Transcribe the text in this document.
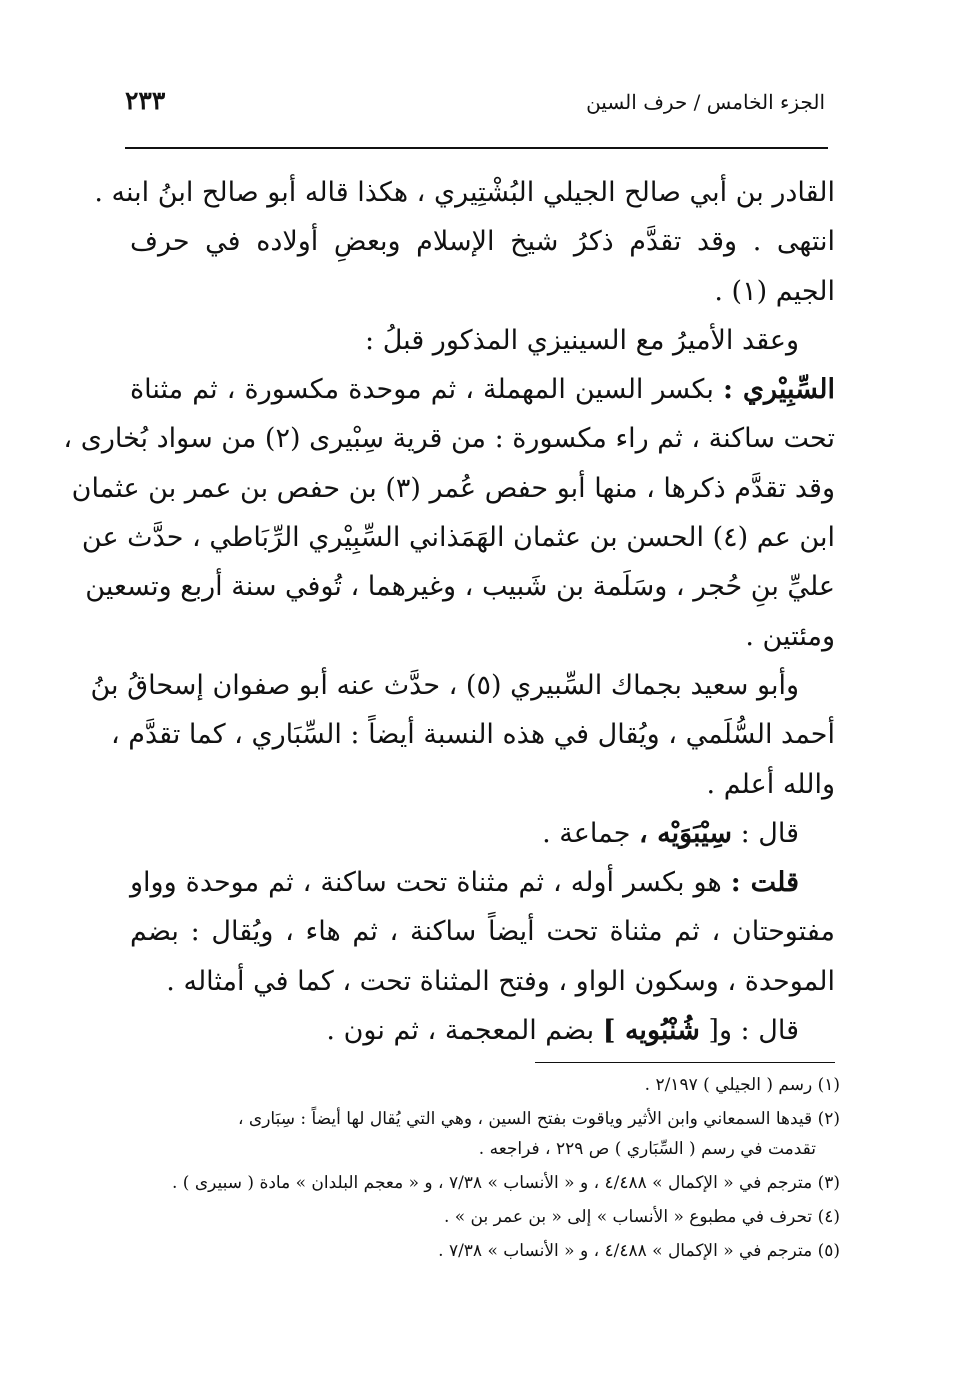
الجزء الخامس / حرف السين
٢٣٣
القادر بن أبي صالح الجيلي البُشْتِيري ، هكذا قاله أبو صالح ابنُ ابنه .
انتهى . وقد تقدَّم ذكرُ شيخ الإسلام وبعضِ أولاده في حرف
الجيم (١) .
وعقد الأميرُ مع السينيزي المذكور قبلُ :
السِّبِيْري : بكسر السين المهملة ، ثم موحدة مكسورة ، ثم مثناة
تحت ساكنة ، ثم راء مكسورة : من قرية سِبْيرى (٢) من سواد بُخارى ،
وقد تقدَّم ذكرها ، منها أبو حفص عُمر (٣) بن حفص بن عمر بن عثمان
ابن عم (٤) الحسن بن عثمان الهَمَذاني السِّبِيْري الرِّبَاطي ، حدَّث عن
عليِّ بنِ حُجر ، وسَلَمة بن شَبيب ، وغيرهما ، تُوفي سنة أربع وتسعين
ومئتين .
وأبو سعيد بجماك السِّبيري (٥) ، حدَّث عنه أبو صفوان إسحاقُ بنُ
أحمد السُّلَمي ، ويُقال في هذه النسبة أيضاً : السِّبَاري ، كما تقدَّم ،
والله أعلم .
قال : سِيْبَوَيْه ، جماعة .
قلت : هو بكسر أوله ، ثم مثناة تحت ساكنة ، ثم موحدة وواو
مفتوحتان ، ثم مثناة تحت أيضاً ساكنة ، ثم هاء ، ويُقال : بضم
الموحدة ، وسكون الواو ، وفتح المثناة تحت ، كما في أمثاله .
قال : و[ شُنْبُويه ] بضم المعجمة ، ثم نون .
(١) رسم ( الجيلي ) ٢/١٩٧ .
(٢) قيدها السمعاني وابن الأثير وياقوت بفتح السين ، وهي التي يُقال لها أيضاً : سِبَارى ،
تقدمت في رسم ( السِّبَاري ) ص ٢٢٩ ، فراجعه .
(٣) مترجم في « الإكمال » ٤/٤٨٨ ، و « الأنساب » ٧/٣٨ ، و « معجم البلدان » مادة ( سبيرى ) .
(٤) تحرف في مطبوع « الأنساب » إلى « بن عمر بن » .
(٥) مترجم في « الإكمال » ٤/٤٨٨ ، و « الأنساب » ٧/٣٨ .
